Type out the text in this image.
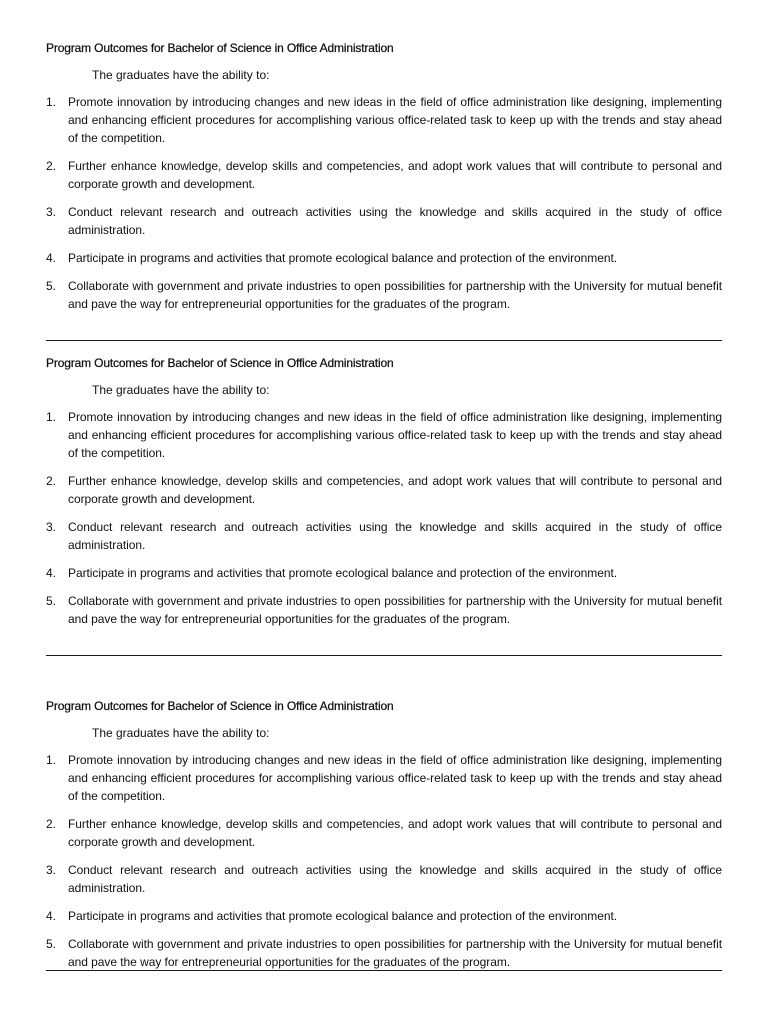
Program Outcomes for Bachelor of Science in Office Administration
The graduates have the ability to:
1. Promote innovation by introducing changes and new ideas in the field of office administration like designing, implementing and enhancing efficient procedures for accomplishing various office-related task to keep up with the trends and stay ahead of the competition.
2. Further enhance knowledge, develop skills and competencies, and adopt work values that will contribute to personal and corporate growth and development.
3. Conduct relevant research and outreach activities using the knowledge and skills acquired in the study of office administration.
4. Participate in programs and activities that promote ecological balance and protection of the environment.
5. Collaborate with government and private industries to open possibilities for partnership with the University for mutual benefit and pave the way for entrepreneurial opportunities for the graduates of the program.
Program Outcomes for Bachelor of Science in Office Administration
The graduates have the ability to:
1. Promote innovation by introducing changes and new ideas in the field of office administration like designing, implementing and enhancing efficient procedures for accomplishing various office-related task to keep up with the trends and stay ahead of the competition.
2. Further enhance knowledge, develop skills and competencies, and adopt work values that will contribute to personal and corporate growth and development.
3. Conduct relevant research and outreach activities using the knowledge and skills acquired in the study of office administration.
4. Participate in programs and activities that promote ecological balance and protection of the environment.
5. Collaborate with government and private industries to open possibilities for partnership with the University for mutual benefit and pave the way for entrepreneurial opportunities for the graduates of the program.
Program Outcomes for Bachelor of Science in Office Administration
The graduates have the ability to:
1. Promote innovation by introducing changes and new ideas in the field of office administration like designing, implementing and enhancing efficient procedures for accomplishing various office-related task to keep up with the trends and stay ahead of the competition.
2. Further enhance knowledge, develop skills and competencies, and adopt work values that will contribute to personal and corporate growth and development.
3. Conduct relevant research and outreach activities using the knowledge and skills acquired in the study of office administration.
4. Participate in programs and activities that promote ecological balance and protection of the environment.
5. Collaborate with government and private industries to open possibilities for partnership with the University for mutual benefit and pave the way for entrepreneurial opportunities for the graduates of the program.
